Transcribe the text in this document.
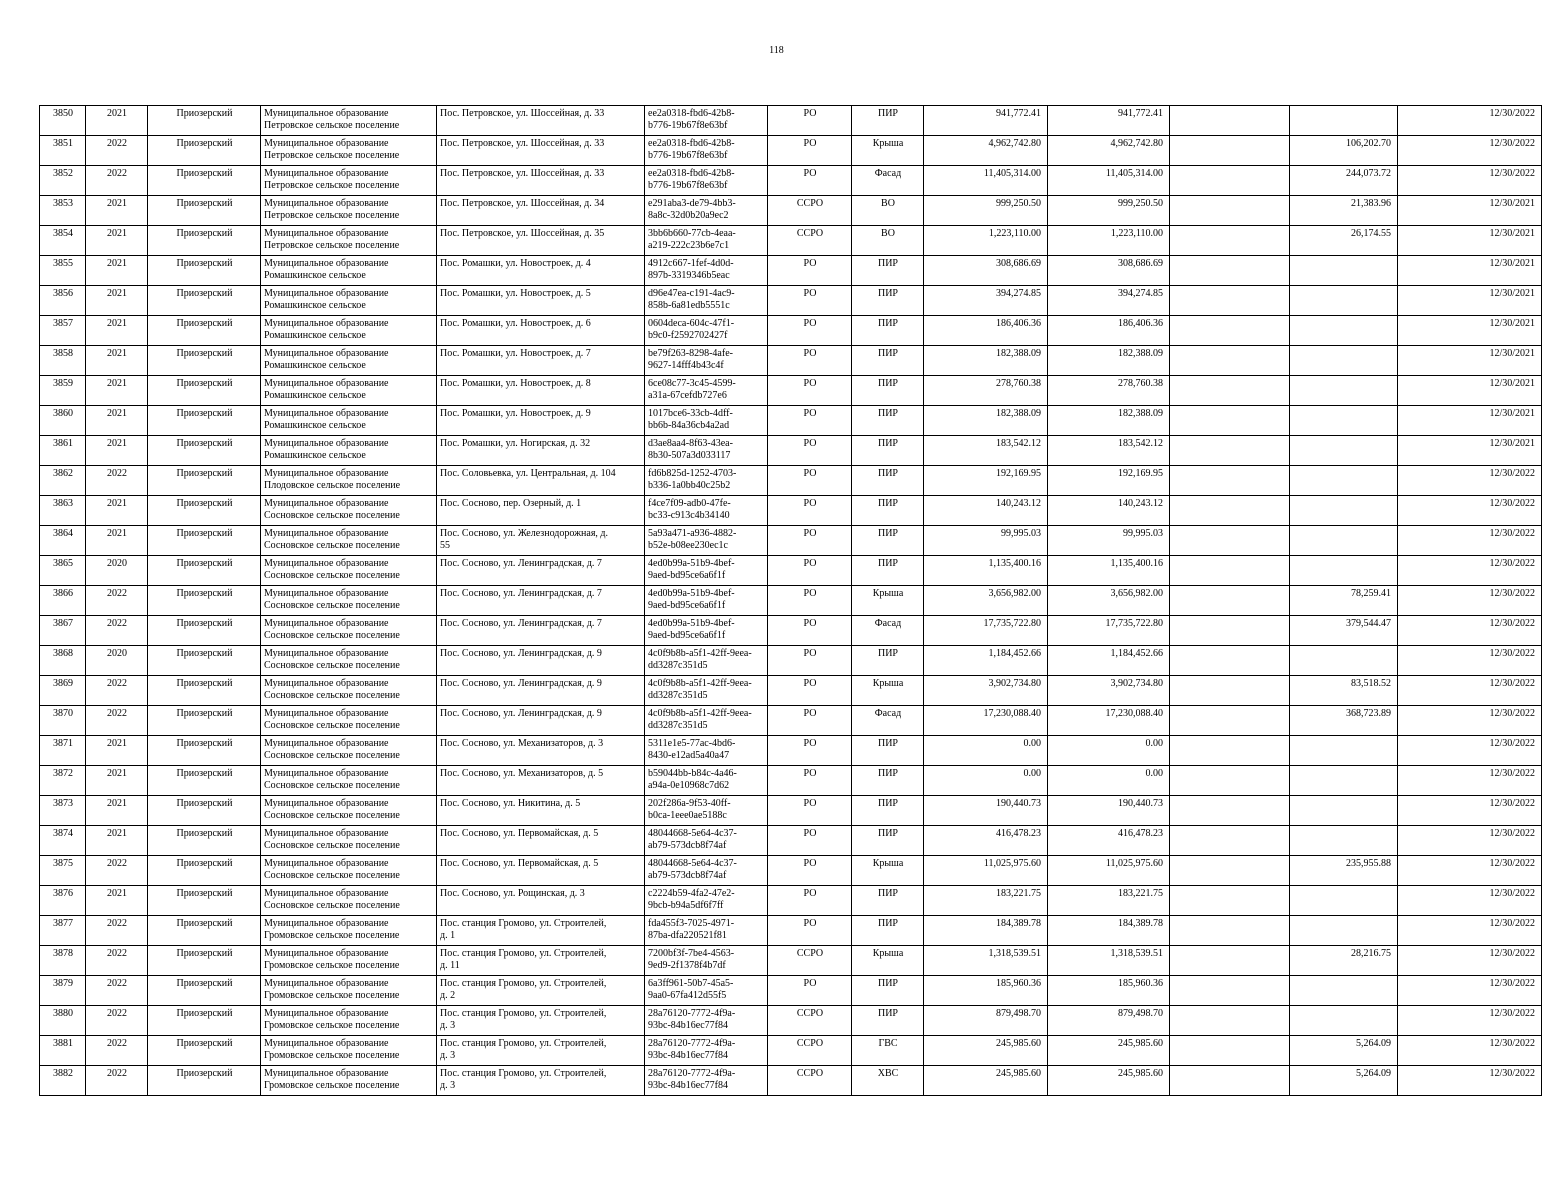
118
3850	2021	Приозерский	Муниципальное образование
Петровское сельское поселение	Пос. Петровское, ул. Шоссейная, д. 33	ee2a0318-fbd6-42b8-
b776-19b67f8e63bf	РО	ПИР	941,772.41	941,772.41			12/30/2022
3851	2022	Приозерский	Муниципальное образование
Петровское сельское поселение	Пос. Петровское, ул. Шоссейная, д. 33	ee2a0318-fbd6-42b8-
b776-19b67f8e63bf	РО	Крыша	4,962,742.80	4,962,742.80		106,202.70	12/30/2022
3852	2022	Приозерский	Муниципальное образование
Петровское сельское поселение	Пос. Петровское, ул. Шоссейная, д. 33	ee2a0318-fbd6-42b8-
b776-19b67f8e63bf	РО	Фасад	11,405,314.00	11,405,314.00		244,073.72	12/30/2022
3853	2021	Приозерский	Муниципальное образование
Петровское сельское поселение	Пос. Петровское, ул. Шоссейная, д. 34	e291aba3-de79-4bb3-
8a8c-32d0b20a9ec2	ССРО	ВО	999,250.50	999,250.50		21,383.96	12/30/2021
3854	2021	Приозерский	Муниципальное образование
Петровское сельское поселение	Пос. Петровское, ул. Шоссейная, д. 35	3bb6b660-77cb-4eaa-
a219-222c23b6e7c1	ССРО	ВО	1,223,110.00	1,223,110.00		26,174.55	12/30/2021
3855	2021	Приозерский	Муниципальное образование
Ромашкинское сельское	Пос. Ромашки, ул. Новостроек, д. 4	4912c667-1fef-4d0d-
897b-3319346b5eac	РО	ПИР	308,686.69	308,686.69			12/30/2021
3856	2021	Приозерский	Муниципальное образование
Ромашкинское сельское	Пос. Ромашки, ул. Новостроек, д. 5	d96e47ea-c191-4ac9-
858b-6a81edb5551c	РО	ПИР	394,274.85	394,274.85			12/30/2021
3857	2021	Приозерский	Муниципальное образование
Ромашкинское сельское	Пос. Ромашки, ул. Новостроек, д. 6	0604deca-604c-47f1-
b9c0-f2592702427f	РО	ПИР	186,406.36	186,406.36			12/30/2021
3858	2021	Приозерский	Муниципальное образование
Ромашкинское сельское	Пос. Ромашки, ул. Новостроек, д. 7	be79f263-8298-4afe-
9627-14fff4b43c4f	РО	ПИР	182,388.09	182,388.09			12/30/2021
3859	2021	Приозерский	Муниципальное образование
Ромашкинское сельское	Пос. Ромашки, ул. Новостроек, д. 8	6ce08c77-3c45-4599-
a31a-67cefdb727e6	РО	ПИР	278,760.38	278,760.38			12/30/2021
3860	2021	Приозерский	Муниципальное образование
Ромашкинское сельское	Пос. Ромашки, ул. Новостроек, д. 9	1017bce6-33cb-4dff-
bb6b-84a36cb4a2ad	РО	ПИР	182,388.09	182,388.09			12/30/2021
3861	2021	Приозерский	Муниципальное образование
Ромашкинское сельское	Пос. Ромашки, ул. Ногирская, д. 32	d3ae8aa4-8f63-43ea-
8b30-507a3d033117	РО	ПИР	183,542.12	183,542.12			12/30/2021
3862	2022	Приозерский	Муниципальное образование
Плодовское сельское поселение	Пос. Соловьевка, ул. Центральная, д. 104	fd6b825d-1252-4703-
b336-1a0bb40c25b2	РО	ПИР	192,169.95	192,169.95			12/30/2022
3863	2021	Приозерский	Муниципальное образование
Сосновское сельское поселение	Пос. Сосново, пер. Озерный, д. 1	f4ce7f09-adb0-47fe-
bc33-c913c4b34140	РО	ПИР	140,243.12	140,243.12			12/30/2022
3864	2021	Приозерский	Муниципальное образование
Сосновское сельское поселение	Пос. Сосново, ул. Железнодорожная, д.
55	5a93a471-a936-4882-
b52e-b08ee230ec1c	РО	ПИР	99,995.03	99,995.03			12/30/2022
3865	2020	Приозерский	Муниципальное образование
Сосновское сельское поселение	Пос. Сосново, ул. Ленинградская, д. 7	4ed0b99a-51b9-4bef-
9aed-bd95ce6a6f1f	РО	ПИР	1,135,400.16	1,135,400.16			12/30/2022
3866	2022	Приозерский	Муниципальное образование
Сосновское сельское поселение	Пос. Сосново, ул. Ленинградская, д. 7	4ed0b99a-51b9-4bef-
9aed-bd95ce6a6f1f	РО	Крыша	3,656,982.00	3,656,982.00		78,259.41	12/30/2022
3867	2022	Приозерский	Муниципальное образование
Сосновское сельское поселение	Пос. Сосново, ул. Ленинградская, д. 7	4ed0b99a-51b9-4bef-
9aed-bd95ce6a6f1f	РО	Фасад	17,735,722.80	17,735,722.80		379,544.47	12/30/2022
3868	2020	Приозерский	Муниципальное образование
Сосновское сельское поселение	Пос. Сосново, ул. Ленинградская, д. 9	4c0f9b8b-a5f1-42ff-9eea-
dd3287c351d5	РО	ПИР	1,184,452.66	1,184,452.66			12/30/2022
3869	2022	Приозерский	Муниципальное образование
Сосновское сельское поселение	Пос. Сосново, ул. Ленинградская, д. 9	4c0f9b8b-a5f1-42ff-9eea-
dd3287c351d5	РО	Крыша	3,902,734.80	3,902,734.80		83,518.52	12/30/2022
3870	2022	Приозерский	Муниципальное образование
Сосновское сельское поселение	Пос. Сосново, ул. Ленинградская, д. 9	4c0f9b8b-a5f1-42ff-9eea-
dd3287c351d5	РО	Фасад	17,230,088.40	17,230,088.40		368,723.89	12/30/2022
3871	2021	Приозерский	Муниципальное образование
Сосновское сельское поселение	Пос. Сосново, ул. Механизаторов, д. 3	5311e1e5-77ac-4bd6-
8430-e12ad5a40a47	РО	ПИР	0.00	0.00			12/30/2022
3872	2021	Приозерский	Муниципальное образование
Сосновское сельское поселение	Пос. Сосново, ул. Механизаторов, д. 5	b59044bb-b84c-4a46-
a94a-0e10968c7d62	РО	ПИР	0.00	0.00			12/30/2022
3873	2021	Приозерский	Муниципальное образование
Сосновское сельское поселение	Пос. Сосново, ул. Никитина, д. 5	202f286a-9f53-40ff-
b0ca-1eee0ae5188c	РО	ПИР	190,440.73	190,440.73			12/30/2022
3874	2021	Приозерский	Муниципальное образование
Сосновское сельское поселение	Пос. Сосново, ул. Первомайская, д. 5	48044668-5e64-4c37-
ab79-573dcb8f74af	РО	ПИР	416,478.23	416,478.23			12/30/2022
3875	2022	Приозерский	Муниципальное образование
Сосновское сельское поселение	Пос. Сосново, ул. Первомайская, д. 5	48044668-5e64-4c37-
ab79-573dcb8f74af	РО	Крыша	11,025,975.60	11,025,975.60		235,955.88	12/30/2022
3876	2021	Приозерский	Муниципальное образование
Сосновское сельское поселение	Пос. Сосново, ул. Рощинская, д. 3	c2224b59-4fa2-47e2-
9bcb-b94a5df6f7ff	РО	ПИР	183,221.75	183,221.75			12/30/2022
3877	2022	Приозерский	Муниципальное образование
Громовское сельское поселение	Пос. станция Громово, ул. Строителей,
д. 1	fda455f3-7025-4971-
87ba-dfa220521f81	РО	ПИР	184,389.78	184,389.78			12/30/2022
3878	2022	Приозерский	Муниципальное образование
Громовское сельское поселение	Пос. станция Громово, ул. Строителей,
д. 11	7200bf3f-7be4-4563-
9ed9-2f1378f4b7df	ССРО	Крыша	1,318,539.51	1,318,539.51		28,216.75	12/30/2022
3879	2022	Приозерский	Муниципальное образование
Громовское сельское поселение	Пос. станция Громово, ул. Строителей,
д. 2	6a3ff961-50b7-45a5-
9aa0-67fa412d55f5	РО	ПИР	185,960.36	185,960.36			12/30/2022
3880	2022	Приозерский	Муниципальное образование
Громовское сельское поселение	Пос. станция Громово, ул. Строителей,
д. 3	28a76120-7772-4f9a-
93bc-84b16ec77f84	ССРО	ПИР	879,498.70	879,498.70			12/30/2022
3881	2022	Приозерский	Муниципальное образование
Громовское сельское поселение	Пос. станция Громово, ул. Строителей,
д. 3	28a76120-7772-4f9a-
93bc-84b16ec77f84	ССРО	ГВС	245,985.60	245,985.60		5,264.09	12/30/2022
3882	2022	Приозерский	Муниципальное образование
Громовское сельское поселение	Пос. станция Громово, ул. Строителей,
д. 3	28a76120-7772-4f9a-
93bc-84b16ec77f84	ССРО	ХВС	245,985.60	245,985.60		5,264.09	12/30/2022
